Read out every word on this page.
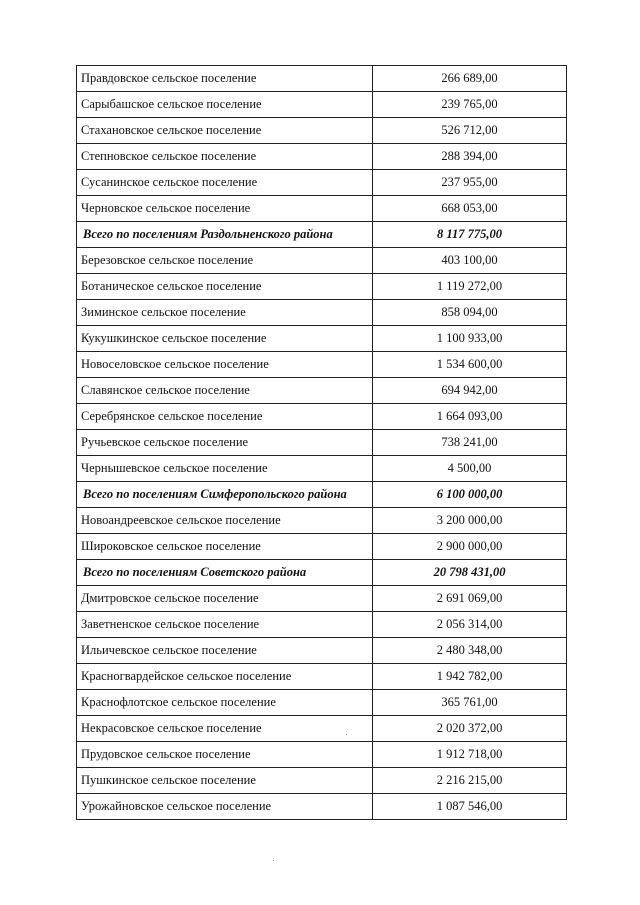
Правдовское сельское поселение	266 689,00
Сарыбашское сельское поселение	239 765,00
Стахановское сельское поселение	526 712,00
Степновское сельское поселение	288 394,00
Сусанинское сельское поселение	237 955,00
Черновское сельское поселение	668 053,00
Всего по поселениям Раздольненского района	8 117 775,00
Березовское сельское поселение	403 100,00
Ботаническое сельское поселение	1 119 272,00
Зиминское сельское поселение	858 094,00
Кукушкинское сельское поселение	1 100 933,00
Новоселовское сельское поселение	1 534 600,00
Славянское сельское поселение	694 942,00
Серебрянское сельское поселение	1 664 093,00
Ручьевское сельское поселение	738 241,00
Чернышевское сельское поселение	4 500,00
Всего по поселениям Симферопольского района	6 100 000,00
Новоандреевское сельское поселение	3 200 000,00
Широковское сельское поселение	2 900 000,00
Всего по поселениям Советского района	20 798 431,00
Дмитровское сельское поселение	2 691 069,00
Заветненское сельское поселение	2 056 314,00
Ильичевское сельское поселение	2 480 348,00
Красногвардейское сельское поселение	1 942 782,00
Краснофлотское сельское поселение	365 761,00
Некрасовское сельское поселение	2 020 372,00
Прудовское сельское поселение	1 912 718,00
Пушкинское сельское поселение	2 216 215,00
Урожайновское сельское поселение	1 087 546,00
